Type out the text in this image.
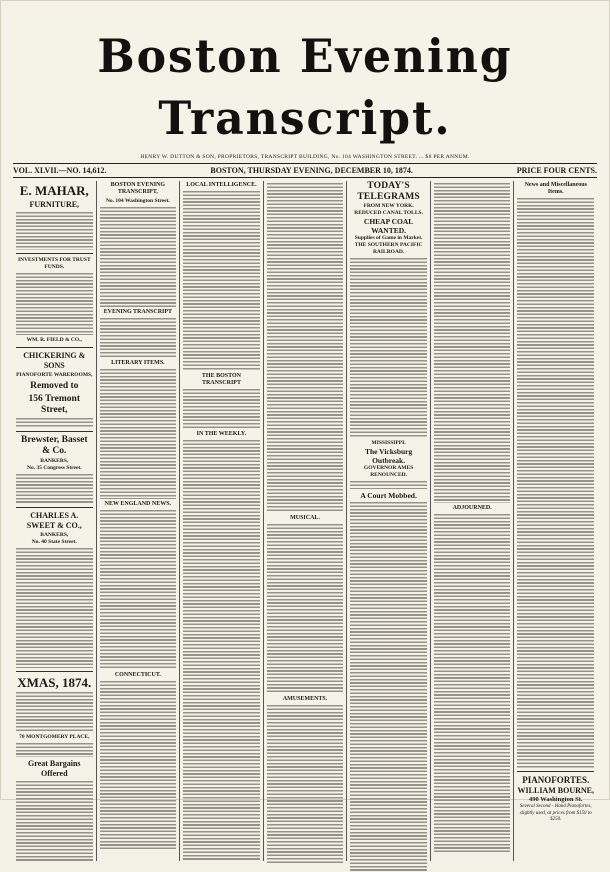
Boston Evening Transcript.
HENRY W. DUTTON & SON, PROPRIETORS, TRANSCRIPT BUILDING, No. 104 WASHINGTON STREET. ... $8 PER ANNUM.
VOL. XLVII.—NO. 14,612.	BOSTON, THURSDAY EVENING, DECEMBER 10, 1874.	PRICE FOUR CENTS.
E. MAHAR,
FURNITURE,
INVESTMENTS FOR TRUST FUNDS.
WM. R. FIELD & CO.,
CHICKERING & SONS
PIANOFORTE WAREROOMS,
Removed to
156 Tremont Street,
Brewster, Basset & Co.
BANKERS,
No. 35 Congress Street.
CHARLES A. SWEET & CO.,
BANKERS,
No. 40 State Street.
XMAS, 1874.
70 MONTGOMERY PLACE,
Great Bargains Offered
BOSTON EVENING TRANSCRIPT,
No. 104 Washington Street.
EVENING TRANSCRIPT
LITERARY ITEMS.
NEW ENGLAND NEWS.
CONNECTICUT.
LOCAL INTELLIGENCE.
THE BOSTON TRANSCRIPT
IN THE WEEKLY.
MUSICAL.
AMUSEMENTS.
TODAY'S TELEGRAMS
FROM NEW YORK.
REDUCED CANAL TOLLS.
CHEAP COAL WANTED.
Supplies of Game in Market.
THE SOUTHERN PACIFIC RAILROAD.
MISSISSIPPI.
The Vicksburg Outbreak.
GOVERNOR AMES RENOUNCED.
A Court Mobbed.
ADJOURNED.
News and Miscellaneous Items.
PIANOFORTES.
WILLIAM BOURNE,
490 Washington St.
Several Second - Hand Pianofortes, slightly used, at prices from $150 to $250.
